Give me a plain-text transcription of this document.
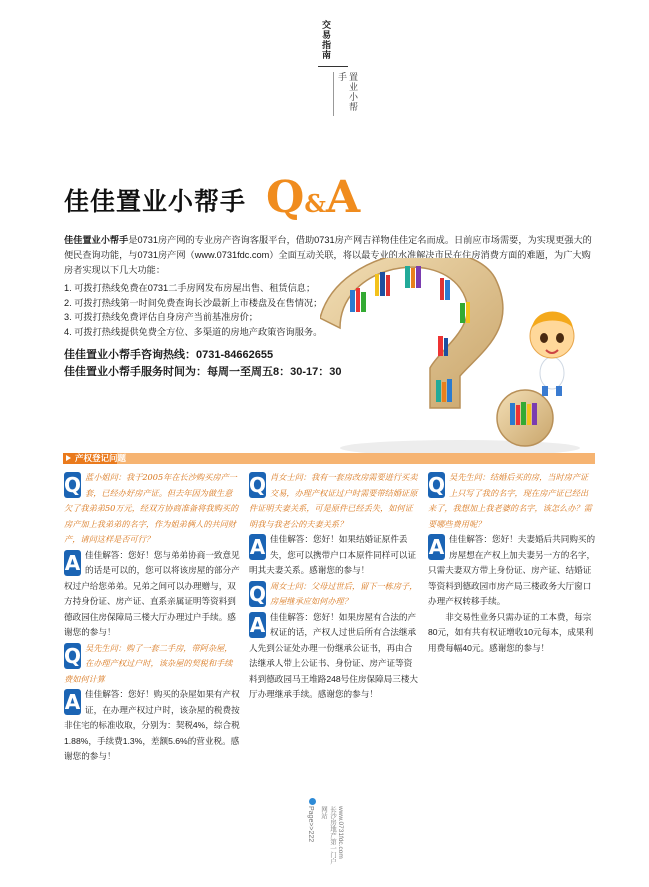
交易指南
置业小帮手
佳佳置业小帮手 Q&A
佳佳置业小帮手是0731房产网的专业房产咨询客服平台，借助0731房产网吉祥物佳佳定名而成。日前应市场需要，为实现更强大的便民查询功能，与0731房产网（www.0731fdc.com）全面互动关联，将以最专业的水准解决市民在住房消费方面的难题，为广大购房者实现以下几大功能：
1. 可拨打热线免费在0731二手房网发布房屋出售、租赁信息；
2. 可拨打热线第一时间免费查询长沙最新上市楼盘及在售情况；
3. 可拨打热线免费评估自身房产当前基准房价；
4. 可拨打热线提供免费全方位、多渠道的房地产政策咨询服务。
佳佳置业小帮手咨询热线：0731-84662655
佳佳置业小帮手服务时间为：每周一至周五8：30-17：30
产权登记问题
Q 蓝小姐问：我于2005年在长沙购买房产一套，已经办好房产证。但去年因为做生意欠了我弟弟50万元，经双方协商准备将我购买的房产加上我弟弟的名字，作为姐弟俩人的共同财产，请问这样是否可行？
A 佳佳解答：您好！您与弟弟协商一致意见的话是可以的，您可以将该房屋的部分产权过户给您弟弟。兄弟之间可以办理赠与，双方持身份证、房产证、直系亲属证明等资料到德政园住房保障局三楼大厅办理过户手续。感谢您的参与！
Q 吴先生问：购了一套二手房，带阿杂屋，在办理产权过户时，该杂屋的契税和手续费如何计算
A 佳佳解答：您好！购买的杂屋如果有产权证，在办理产权过户时，该杂屋的税费按非住宅的标准收取，分别为：契税4%，综合税1.88%，手续费1.3%，差额5.6%的营业税。感谢您的参与！
Q 肖女士问：我有一套房改房需要进行买卖交易，办理产权证过户时需要带结婚证原件证明夫妻关系，可是原件已经丢失，如何证明我与我老公的夫妻关系？
A 佳佳解答：您好！如果结婚证原件丢失，您可以携带户口本原件同样可以证明其夫妻关系。感谢您的参与！
Q 周女士问：父母过世后，留下一栋房子，房屋继承应如何办理？
A 佳佳解答：您好！如果房屋有合法的产权证的话，产权人过世后所有合法继承人先到公证处办理一份继承公证书，再由合法继承人带上公证书、身份证、房产证等资料到德政园马王堆路248号住房保障局三楼大厅办理继承手续。感谢您的参与！
Q 吴先生问：结婚后买的房，当时房产证上只写了我的名字，现在房产证已经出来了，我想加上我老婆的名字，该怎么办？需要哪些费用呢？
A 佳佳解答：您好！夫妻婚后共同购买的房屋想在产权上加夫妻另一方的名字，只需夫妻双方带上身份证、房产证、结婚证等资料到德政园市房产局三楼政务大厅窗口办理产权转移手续。
非交易性业务只需办证的工本费，每宗80元，如有共有权证增收10元每本，成果利用费每幅40元。感谢您的参与！
Page>>222	www.0731fdc.com 长沙房地产第一门户网站
